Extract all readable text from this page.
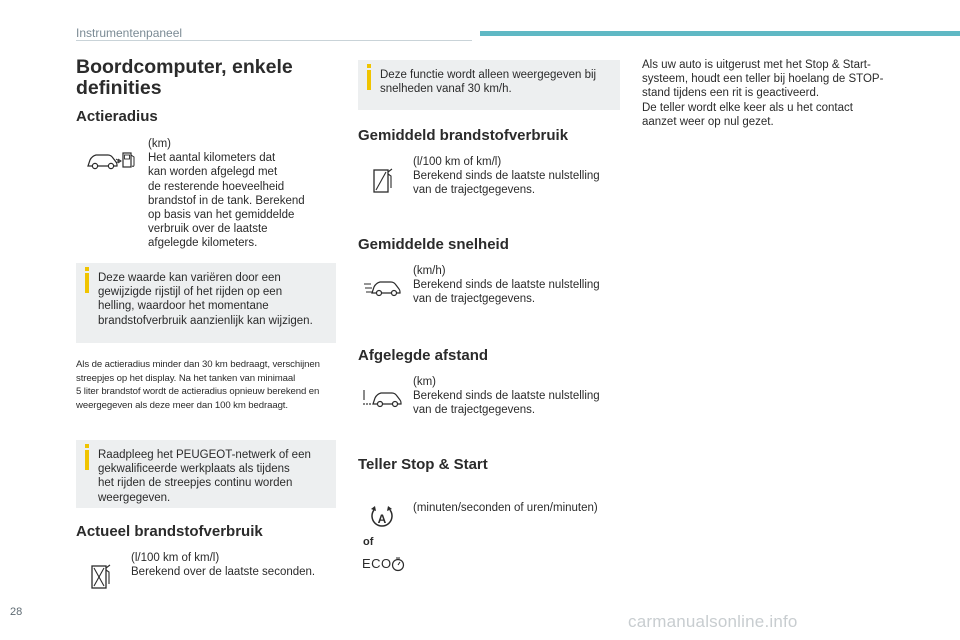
Instrumentenpaneel
Boordcomputer, enkele definities
Actieradius
(km)
Het aantal kilometers dat
kan worden afgelegd met
de resterende hoeveelheid
brandstof in de tank. Berekend
op basis van het gemiddelde
verbruik over de laatste
afgelegde kilometers.
Deze waarde kan variëren door een
gewijzigde rijstijl of het rijden op een
helling, waardoor het momentane
brandstofverbruik aanzienlijk kan wijzigen.
Als de actieradius minder dan 30 km bedraagt, verschijnen
streepjes op het display. Na het tanken van minimaal
5 liter brandstof wordt de actieradius opnieuw berekend en
weergegeven als deze meer dan 100 km bedraagt.
Raadpleeg het PEUGEOT-netwerk of een
gekwalificeerde werkplaats als tijdens
het rijden de streepjes continu worden
weergegeven.
Actueel brandstofverbruik
(l/100 km of km/l)
Berekend over de laatste seconden.
Deze functie wordt alleen weergegeven bij
snelheden vanaf 30 km/h.
Gemiddeld brandstofverbruik
(l/100 km of km/l)
Berekend sinds de laatste nulstelling
van de trajectgegevens.
Gemiddelde snelheid
(km/h)
Berekend sinds de laatste nulstelling
van de trajectgegevens.
Afgelegde afstand
(km)
Berekend sinds de laatste nulstelling
van de trajectgegevens.
Teller Stop & Start
A
of
ECO
(minuten/seconden of uren/minuten)
Als uw auto is uitgerust met het Stop & Start-
systeem, houdt een teller bij hoelang de STOP-
stand tijdens een rit is geactiveerd.
De teller wordt elke keer als u het contact
aanzet weer op nul gezet.
28	carmanualsonline.info
